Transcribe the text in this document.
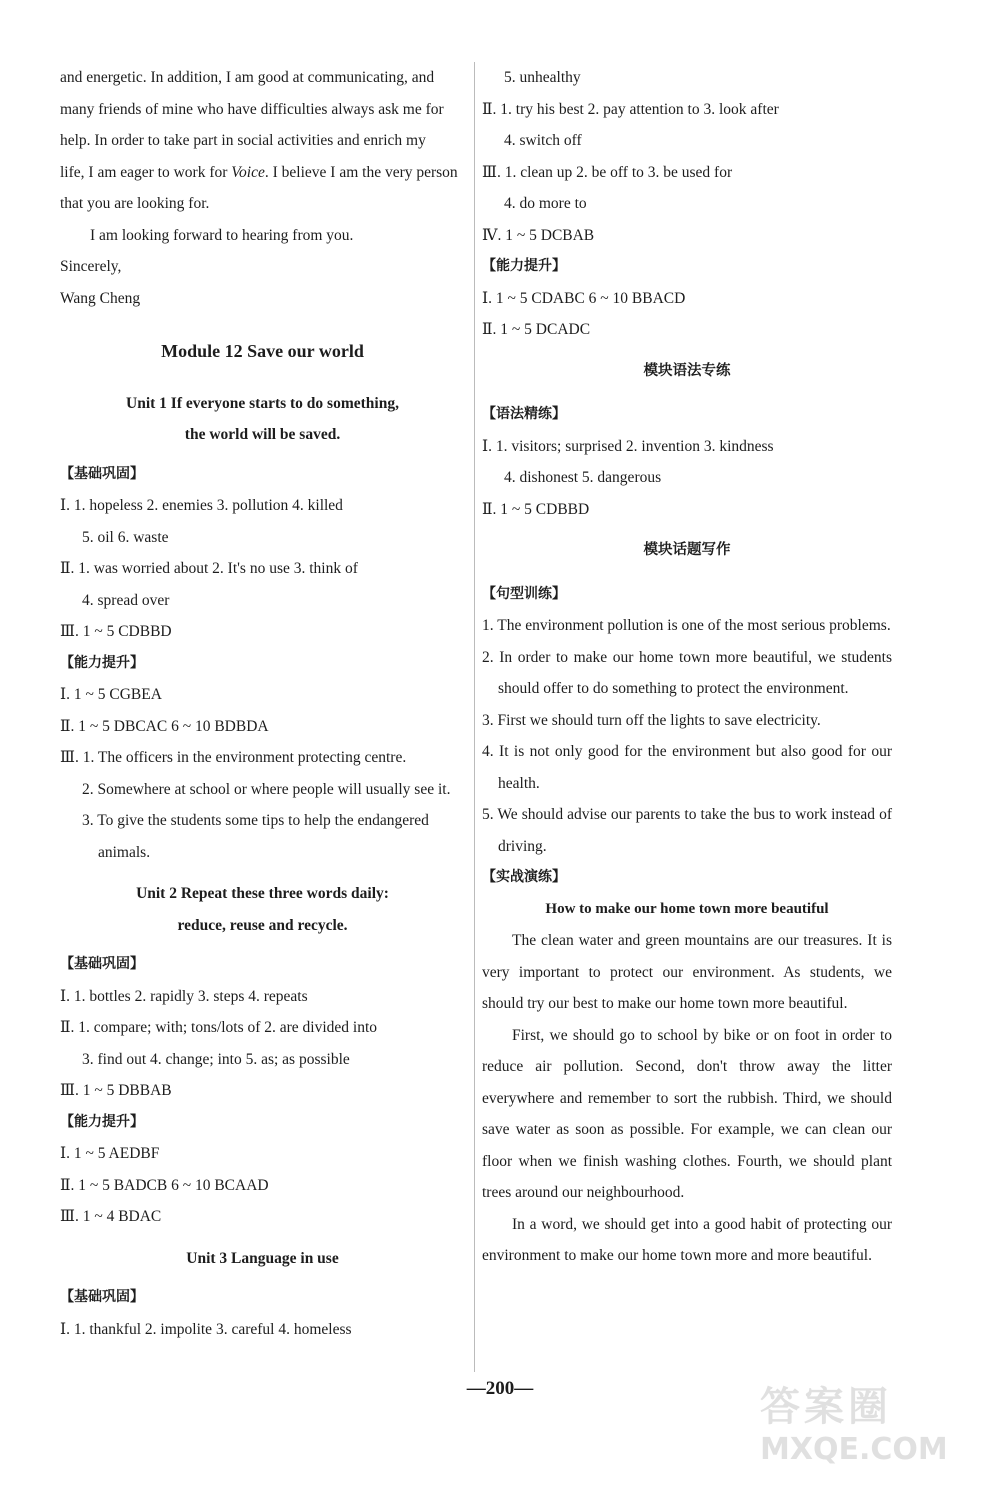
and energetic. In addition, I am good at communicating, and
many friends of mine who have difficulties always ask me for
help. In order to take part in social activities and enrich my
life, I am eager to work for Voice. I believe I am the very person
that you are looking for.
I am looking forward to hearing from you.
Sincerely,
Wang Cheng
Module 12 Save our world
Unit 1 If everyone starts to do something,
the world will be saved.
【基础巩固】
Ⅰ. 1. hopeless 2. enemies 3. pollution 4. killed
5. oil 6. waste
Ⅱ. 1. was worried about 2. It's no use 3. think of
4. spread over
Ⅲ. 1 ~ 5 CDBBD
【能力提升】
Ⅰ. 1 ~ 5 CGBEA
Ⅱ. 1 ~ 5 DBCAC 6 ~ 10 BDBDA
Ⅲ. 1. The officers in the environment protecting centre.
2. Somewhere at school or where people will usually see it.
3. To give the students some tips to help the endangered
animals.
Unit 2 Repeat these three words daily:
reduce, reuse and recycle.
【基础巩固】
Ⅰ. 1. bottles 2. rapidly 3. steps 4. repeats
Ⅱ. 1. compare; with; tons/lots of 2. are divided into
3. find out 4. change; into 5. as; as possible
Ⅲ. 1 ~ 5 DBBAB
【能力提升】
Ⅰ. 1 ~ 5 AEDBF
Ⅱ. 1 ~ 5 BADCB 6 ~ 10 BCAAD
Ⅲ. 1 ~ 4 BDAC
Unit 3 Language in use
【基础巩固】
Ⅰ. 1. thankful 2. impolite 3. careful 4. homeless
5. unhealthy
Ⅱ. 1. try his best 2. pay attention to 3. look after
4. switch off
Ⅲ. 1. clean up 2. be off to 3. be used for
4. do more to
Ⅳ. 1 ~ 5 DCBAB
【能力提升】
Ⅰ. 1 ~ 5 CDABC 6 ~ 10 BBACD
Ⅱ. 1 ~ 5 DCADC
模块语法专练
【语法精练】
Ⅰ. 1. visitors; surprised 2. invention 3. kindness
4. dishonest 5. dangerous
Ⅱ. 1 ~ 5 CDBBD
模块话题写作
【句型训练】
1. The environment pollution is one of the most serious problems.
2. In order to make our home town more beautiful, we students should offer to do something to protect the environment.
3. First we should turn off the lights to save electricity.
4. It is not only good for the environment but also good for our health.
5. We should advise our parents to take the bus to work instead of driving.
【实战演练】
How to make our home town more beautiful
The clean water and green mountains are our treasures. It is very important to protect our environment. As students, we should try our best to make our home town more beautiful.
First, we should go to school by bike or on foot in order to reduce air pollution. Second, don't throw away the litter everywhere and remember to sort the rubbish. Third, we should save water as soon as possible. For example, we can clean our floor when we finish washing clothes. Fourth, we should plant trees around our neighbourhood.
In a word, we should get into a good habit of protecting our environment to make our home town more and more beautiful.
—200—	答案圈
MXQE.COM
